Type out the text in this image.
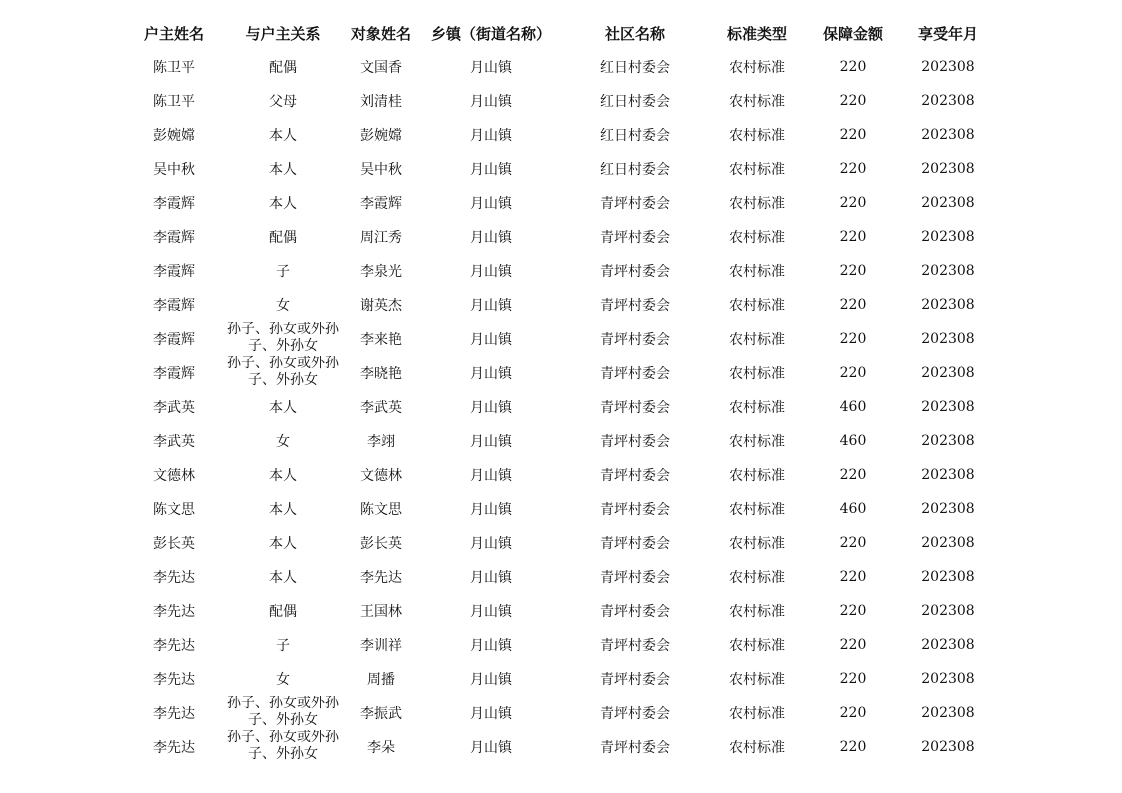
户主姓名	与户主关系	对象姓名	乡镇（街道名称）	社区名称	标准类型	保障金额	享受年月
陈卫平	配偶	文国香	月山镇	红日村委会	农村标准	220	202308
陈卫平	父母	刘清桂	月山镇	红日村委会	农村标准	220	202308
彭婉嫦	本人	彭婉嫦	月山镇	红日村委会	农村标准	220	202308
吴中秋	本人	吴中秋	月山镇	红日村委会	农村标准	220	202308
李霞辉	本人	李霞辉	月山镇	青坪村委会	农村标准	220	202308
李霞辉	配偶	周江秀	月山镇	青坪村委会	农村标准	220	202308
李霞辉	子	李泉光	月山镇	青坪村委会	农村标准	220	202308
李霞辉	女	谢英杰	月山镇	青坪村委会	农村标准	220	202308
李霞辉	孙子、孙女或外孙子、外孙女	李来艳	月山镇	青坪村委会	农村标准	220	202308
李霞辉	孙子、孙女或外孙子、外孙女	李晓艳	月山镇	青坪村委会	农村标准	220	202308
李武英	本人	李武英	月山镇	青坪村委会	农村标准	460	202308
李武英	女	李翊	月山镇	青坪村委会	农村标准	460	202308
文德林	本人	文德林	月山镇	青坪村委会	农村标准	220	202308
陈文思	本人	陈文思	月山镇	青坪村委会	农村标准	460	202308
彭长英	本人	彭长英	月山镇	青坪村委会	农村标准	220	202308
李先达	本人	李先达	月山镇	青坪村委会	农村标准	220	202308
李先达	配偶	王国林	月山镇	青坪村委会	农村标准	220	202308
李先达	子	李训祥	月山镇	青坪村委会	农村标准	220	202308
李先达	女	周播	月山镇	青坪村委会	农村标准	220	202308
李先达	孙子、孙女或外孙子、外孙女	李振武	月山镇	青坪村委会	农村标准	220	202308
李先达	孙子、孙女或外孙子、外孙女	李朵	月山镇	青坪村委会	农村标准	220	202308
